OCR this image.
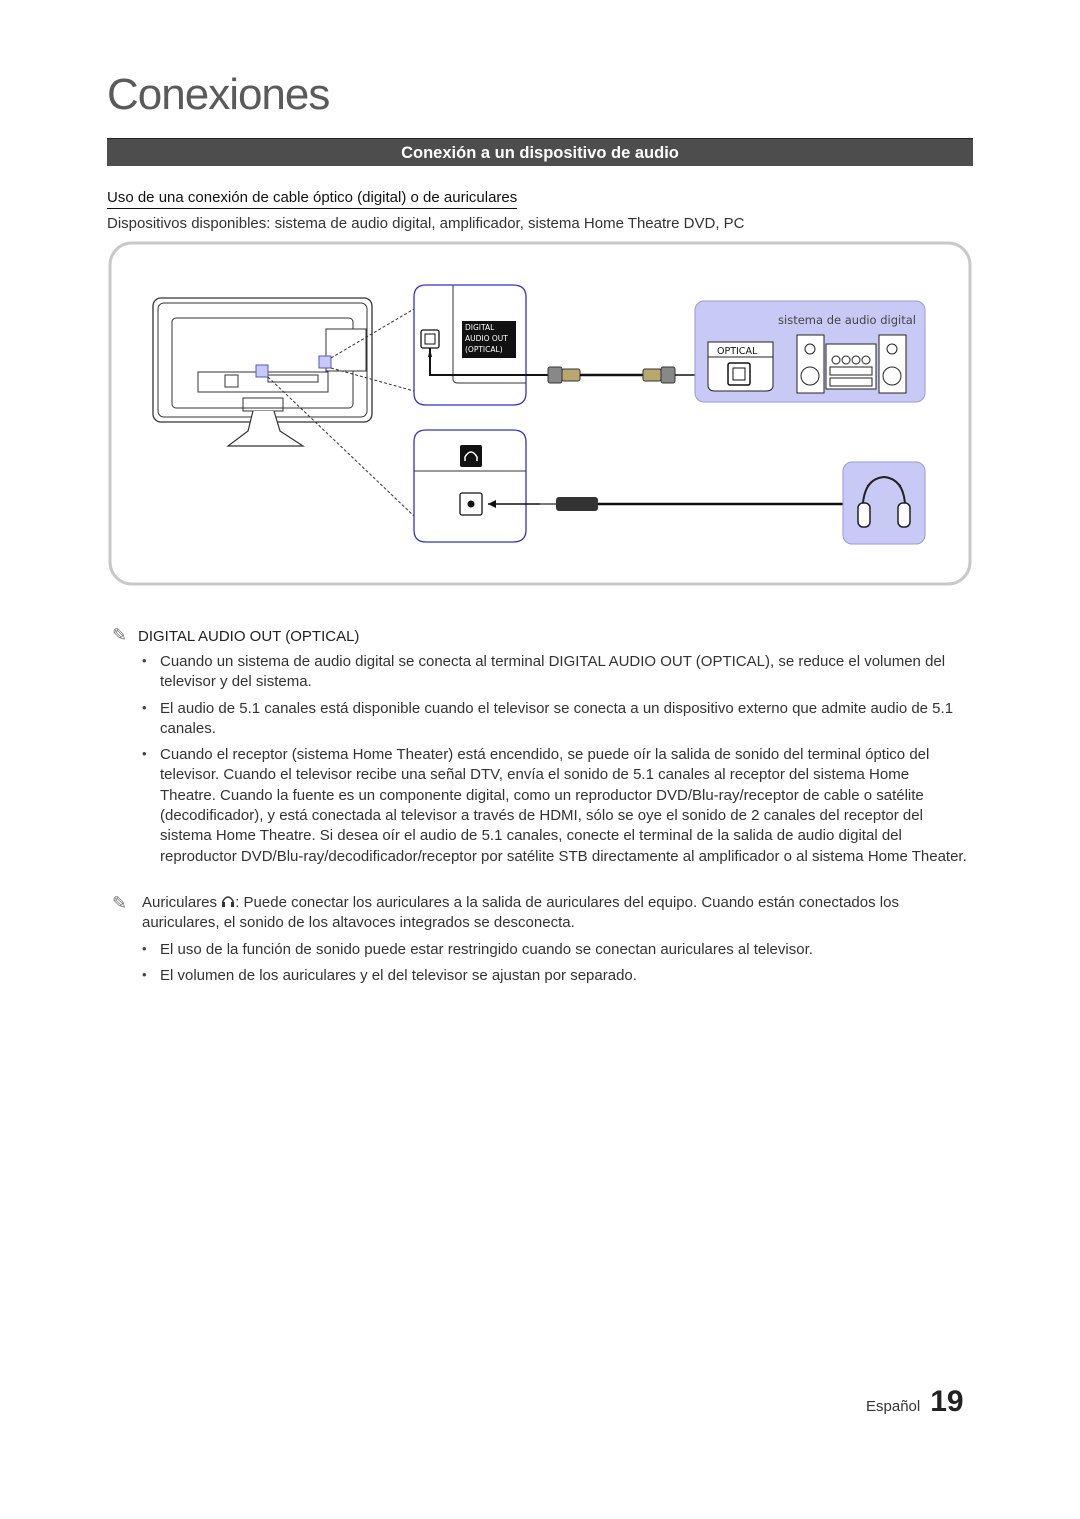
Conexiones
Conexión a un dispositivo de audio
Uso de una conexión de cable óptico (digital) o de auriculares
Dispositivos disponibles: sistema de audio digital, amplificador, sistema Home Theatre DVD, PC
DIGITAL
AUDIO OUT
(OPTICAL)
sistema de audio digital
OPTICAL
✎ DIGITAL AUDIO OUT (OPTICAL)
• Cuando un sistema de audio digital se conecta al terminal DIGITAL AUDIO OUT (OPTICAL), se reduce el volumen del televisor y del sistema.
• El audio de 5.1 canales está disponible cuando el televisor se conecta a un dispositivo externo que admite audio de 5.1 canales.
• Cuando el receptor (sistema Home Theater) está encendido, se puede oír la salida de sonido del terminal óptico del televisor. Cuando el televisor recibe una señal DTV, envía el sonido de 5.1 canales al receptor del sistema Home Theatre. Cuando la fuente es un componente digital, como un reproductor DVD/Blu-ray/receptor de cable o satélite (decodificador), y está conectada al televisor a través de HDMI, sólo se oye el sonido de 2 canales del receptor del sistema Home Theatre. Si desea oír el audio de 5.1 canales, conecte el terminal de la salida de audio digital del reproductor DVD/Blu-ray/decodificador/receptor por satélite STB directamente al amplificador o al sistema Home Theater.
✎ Auriculares : Puede conectar los auriculares a la salida de auriculares del equipo. Cuando están conectados los auriculares, el sonido de los altavoces integrados se desconecta.
• El uso de la función de sonido puede estar restringido cuando se conectan auriculares al televisor.
• El volumen de los auriculares y el del televisor se ajustan por separado.
Español 19
